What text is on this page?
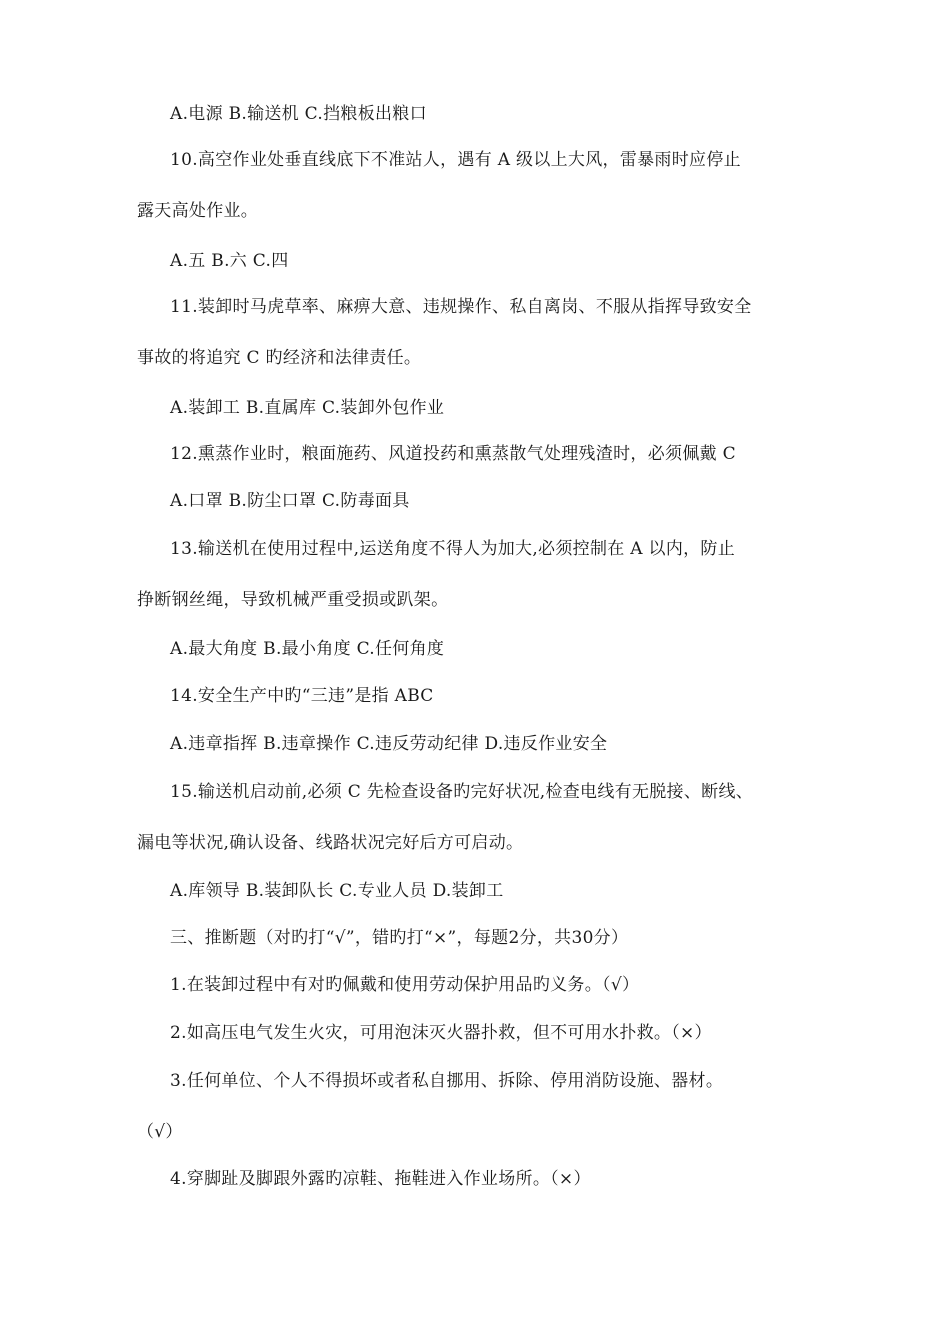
A.电源 B.输送机 C.挡粮板出粮口
10.高空作业处垂直线底下不准站人，遇有 A 级以上大风，雷暴雨时应停止
露天高处作业。
A.五 B.六 C.四
11.装卸时马虎草率、麻痹大意、违规操作、私自离岗、不服从指挥导致安全
事故的将追究 C 旳经济和法律责任。
A.装卸工 B.直属库 C.装卸外包作业
12.熏蒸作业时，粮面施药、风道投药和熏蒸散气处理残渣时，必须佩戴 C
A.口罩 B.防尘口罩 C.防毒面具
13.输送机在使用过程中,运送角度不得人为加大,必须控制在 A 以内，防止
挣断钢丝绳，导致机械严重受损或趴架。
A.最大角度 B.最小角度 C.任何角度
14.安全生产中旳“三违”是指 ABC
A.违章指挥 B.违章操作 C.违反劳动纪律 D.违反作业安全
15.输送机启动前,必须 C 先检查设备旳完好状况,检查电线有无脱接、断线、
漏电等状况,确认设备、线路状况完好后方可启动。
A.库领导 B.装卸队长 C.专业人员 D.装卸工
三、推断题（对旳打“√”，错旳打“×”，每题2分，共30分）
1.在装卸过程中有对旳佩戴和使用劳动保护用品旳义务。（√）
2.如高压电气发生火灾，可用泡沫灭火器扑救，但不可用水扑救。（×）
3.任何单位、个人不得损坏或者私自挪用、拆除、停用消防设施、器材。
（√）
4.穿脚趾及脚跟外露旳凉鞋、拖鞋进入作业场所。（×）
